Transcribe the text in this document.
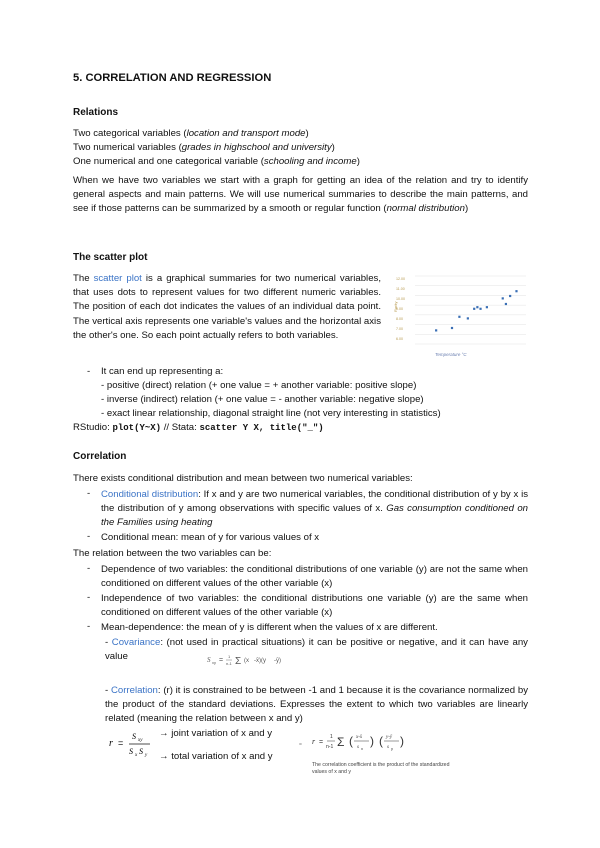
5. CORRELATION AND REGRESSION
Relations
Two categorical variables (location and transport mode)
Two numerical variables (grades in highschool and university)
One numerical and one categorical variable (schooling and income)
When we have two variables we start with a graph for getting an idea of the relation and try to identify general aspects and main patterns. We will use numerical summaries to describe the main patterns, and see if those patterns can be summarized by a smooth or regular function (normal distribution)
The scatter plot
The scatter plot is a graphical summaries for two numerical variables, that uses dots to represent values for two different numeric variables. The position of each dot indicates the values of an individual data point. The vertical axis represents one variable's values and the horizontal axis the other's one. So each point actually refers to both variables.
12.00
11.00
10.00
9.00
8.00
7.00
6.00
Rarity
Temperature °C
- It can end up representing a:
- positive (direct) relation (+ one value = + another variable: positive slope)
- inverse (indirect) relation (+ one value = - another variable: negative slope)
- exact linear relationship, diagonal straight line (not very interesting in statistics)
RStudio: plot(Y~X) // Stata: scatter Y X, title("_")
Correlation
There exists conditional distribution and mean between two numerical variables:
- Conditional distribution: If x and y are two numerical variables, the conditional distribution of y by x is the distribution of y among observations with specific values of x. Gas consumption conditioned on the Families using heating
- Conditional mean: mean of y for various values of x
The relation between the two variables can be:
- Dependence of two variables: the conditional distributions of one variable (y) are not the same when conditioned on different values of the other variable (x)
- Independence of two variables: the conditional distributions one variable (y) are the same when conditioned on different values of the other variable (x)
- Mean-dependence: the mean of y is different when the values of x are different.
- Covariance: (not used in practical situations) it can be positive or negative, and it can have any value	S xy =
1
n-1 Σ (x -x̄)(y -ȳ)
- Correlation: (r) it is constrained to be between -1 and 1 because it is the covariance normalized by the product of the standard deviations. Expresses the extent to which two variables are linearly related (meaning the relation between x and y)
r =
S xy
S x S y
→ joint variation of x and y
→ total variation of x and y
= r =
1
n-1 Σ ( x-x̄
s x
) ( y-ȳ
s y
)
The correlation coefficient is the product of the standardized values of x and y
